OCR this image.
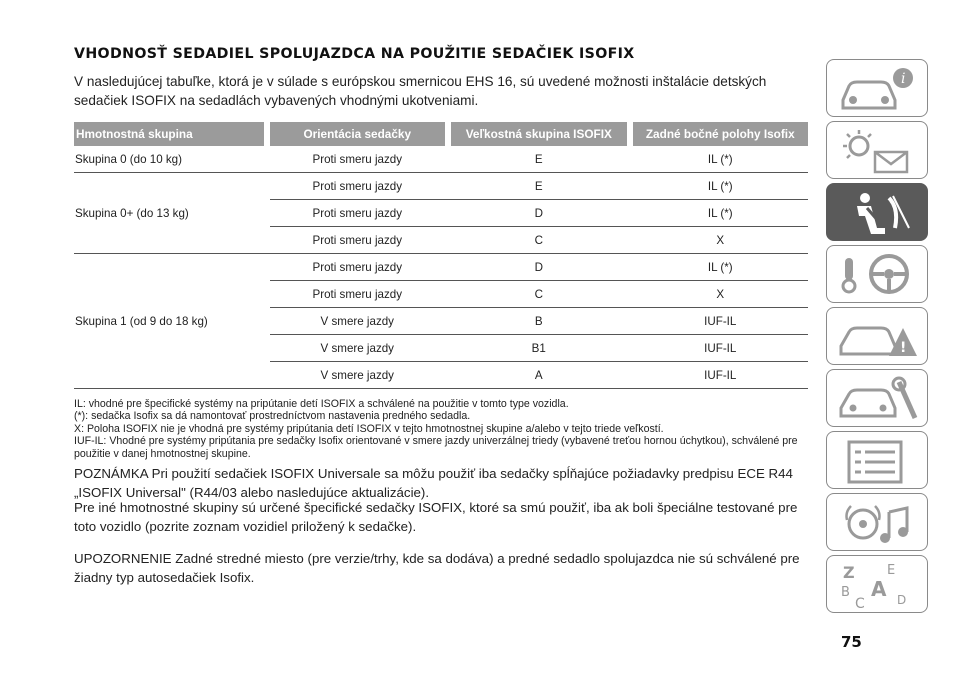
VHODNOSŤ SEDADIEL SPOLUJAZDCA NA POUŽITIE SEDAČIEK ISOFIX
V nasledujúcej tabuľke, ktorá je v súlade s európskou smernicou EHS 16, sú uvedené možnosti inštalácie detských sedačiek ISOFIX na sedadlách vybavených vhodnými ukotveniami.
Hmotnostná skupina		Orientácia sedačky		Veľkostná skupina ISOFIX		Zadné bočné polohy Isofix
Skupina 0 (do 10 kg)		Proti smeru jazdy		E		IL (*)
Skupina 0+ (do 13 kg)		Proti smeru jazdy		E		IL (*)
		Proti smeru jazdy		D		IL (*)
		Proti smeru jazdy		C		X
Skupina 1 (od 9 do 18 kg)		Proti smeru jazdy		D		IL (*)
		Proti smeru jazdy		C		X
		V smere jazdy		B		IUF-IL
		V smere jazdy		B1		IUF-IL
		V smere jazdy		A		IUF-IL
IL: vhodné pre špecifické systémy na pripútanie detí ISOFIX a schválené na použitie v tomto type vozidla.
(*): sedačka Isofix sa dá namontovať prostredníctvom nastavenia predného sedadla.
X: Poloha ISOFIX nie je vhodná pre systémy pripútania detí ISOFIX v tejto hmotnostnej skupine a/alebo v tejto triede veľkostí.
IUF-IL: Vhodné pre systémy pripútania pre sedačky Isofix orientované v smere jazdy univerzálnej triedy (vybavené treťou hornou úchytkou), schválené pre použitie v danej hmotnostnej skupine.
POZNÁMKA Pri použití sedačiek ISOFIX Universale sa môžu použiť iba sedačky spĺňajúce požiadavky predpisu ECE R44 „ISOFIX Universal" (R44/03 alebo nasledujúce aktualizácie).
Pre iné hmotnostné skupiny sú určené špecifické sedačky ISOFIX, ktoré sa smú použiť, iba ak boli špeciálne testované pre toto vozidlo (pozrite zoznam vozidiel priložený k sedačke).
UPOZORNENIE Zadné stredné miesto (pre verzie/trhy, kde sa dodáva) a predné sedadlo spolujazdca nie sú schválené pre žiadny typ autosedačiek Isofix.
75
i
!
Z E
B A
C	D
